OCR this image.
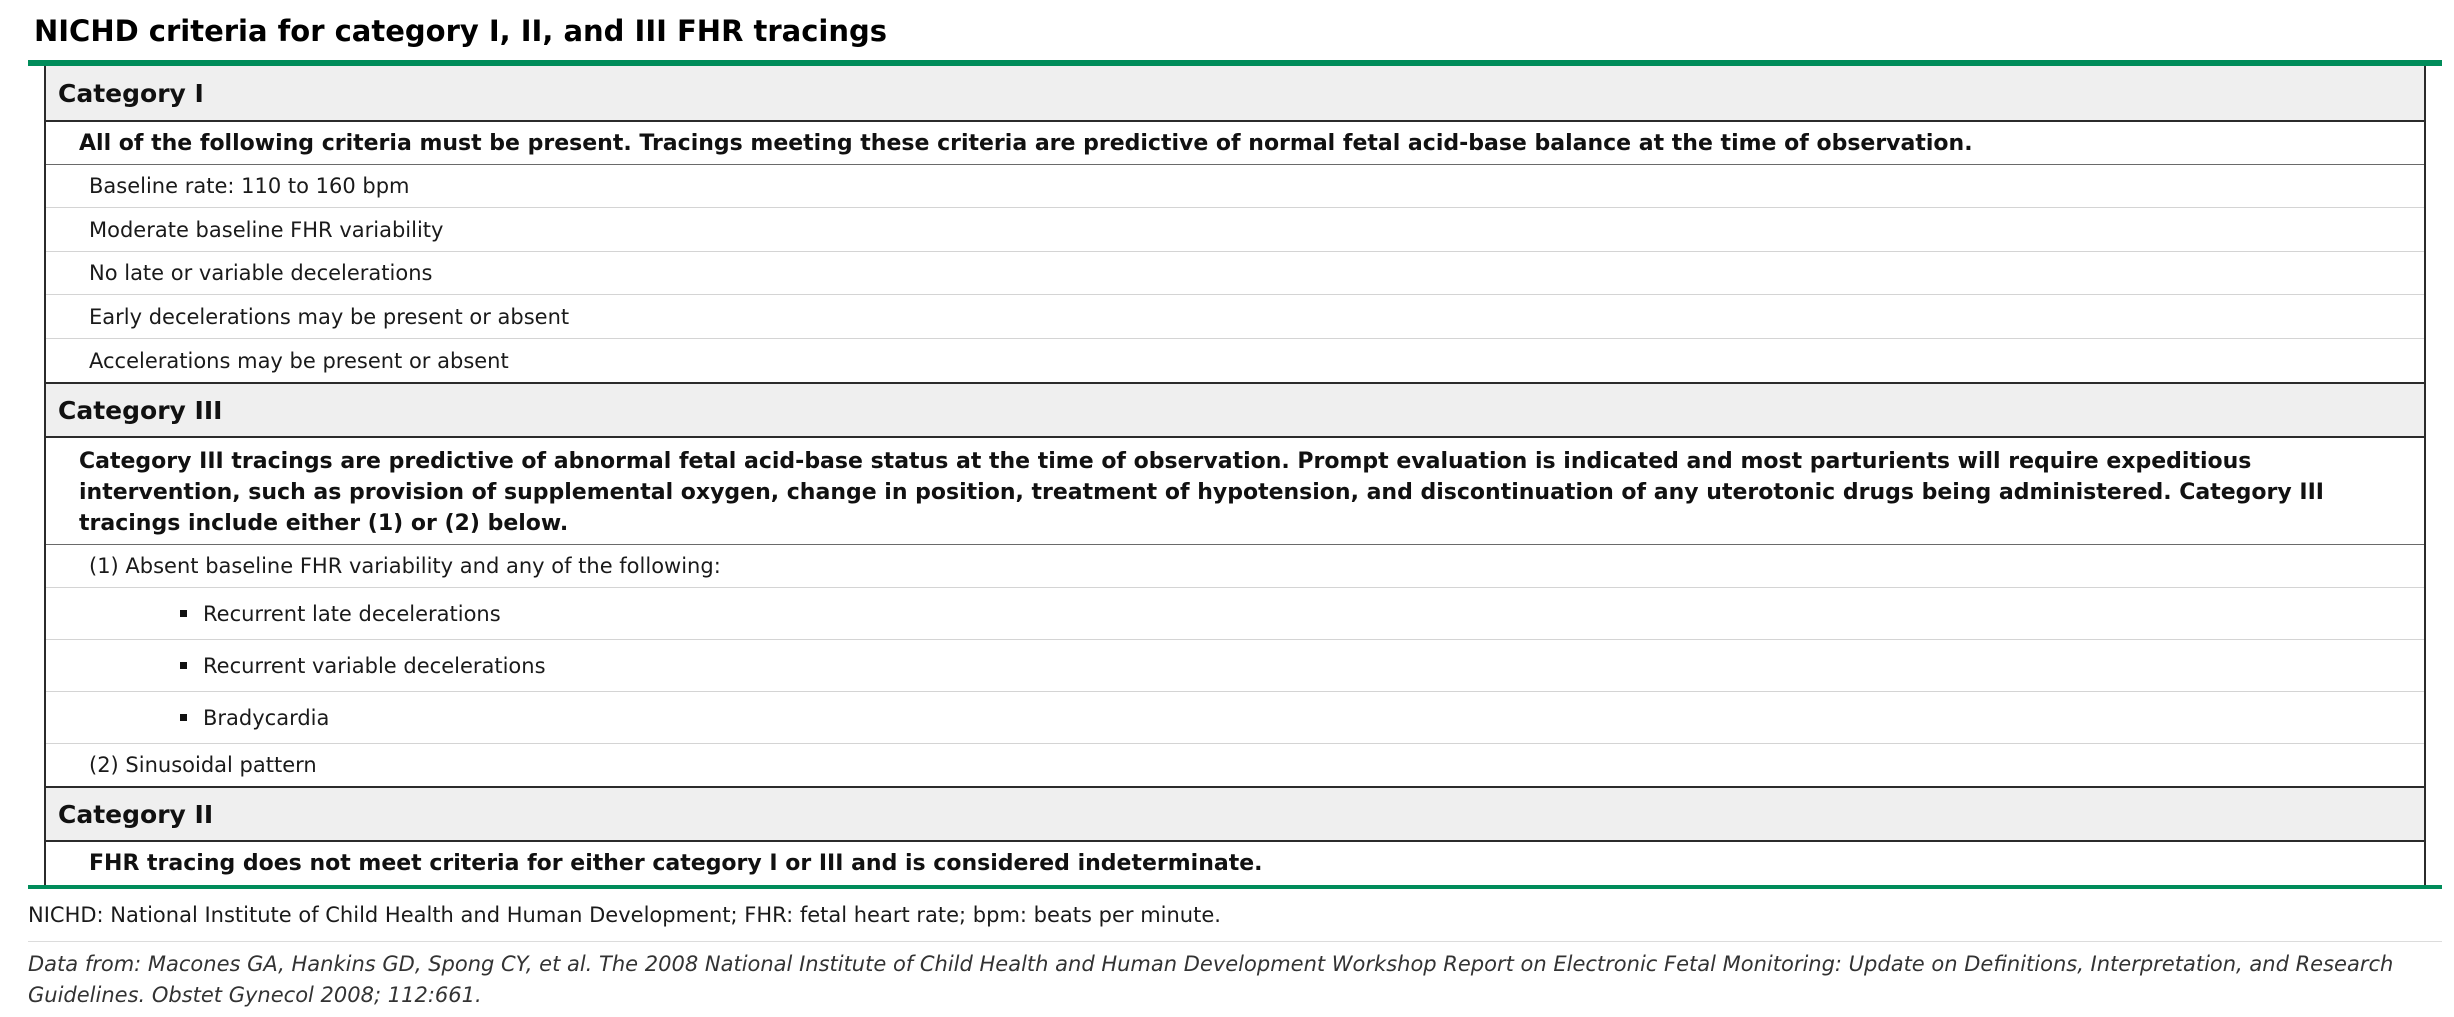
NICHD criteria for category I, II, and III FHR tracings
Category I
All of the following criteria must be present. Tracings meeting these criteria are predictive of normal fetal acid-base balance at the time of observation.
Baseline rate: 110 to 160 bpm
Moderate baseline FHR variability
No late or variable decelerations
Early decelerations may be present or absent
Accelerations may be present or absent
Category III
Category III tracings are predictive of abnormal fetal acid-base status at the time of observation. Prompt evaluation is indicated and most parturients will require expeditious intervention, such as provision of supplemental oxygen, change in position, treatment of hypotension, and discontinuation of any uterotonic drugs being administered. Category III tracings include either (1) or (2) below.
(1) Absent baseline FHR variability and any of the following:
Recurrent late decelerations
Recurrent variable decelerations
Bradycardia
(2) Sinusoidal pattern
Category II
FHR tracing does not meet criteria for either category I or III and is considered indeterminate.
NICHD: National Institute of Child Health and Human Development; FHR: fetal heart rate; bpm: beats per minute.
Data from: Macones GA, Hankins GD, Spong CY, et al. The 2008 National Institute of Child Health and Human Development Workshop Report on Electronic Fetal Monitoring: Update on Definitions, Interpretation, and Research Guidelines. Obstet Gynecol 2008; 112:661.
